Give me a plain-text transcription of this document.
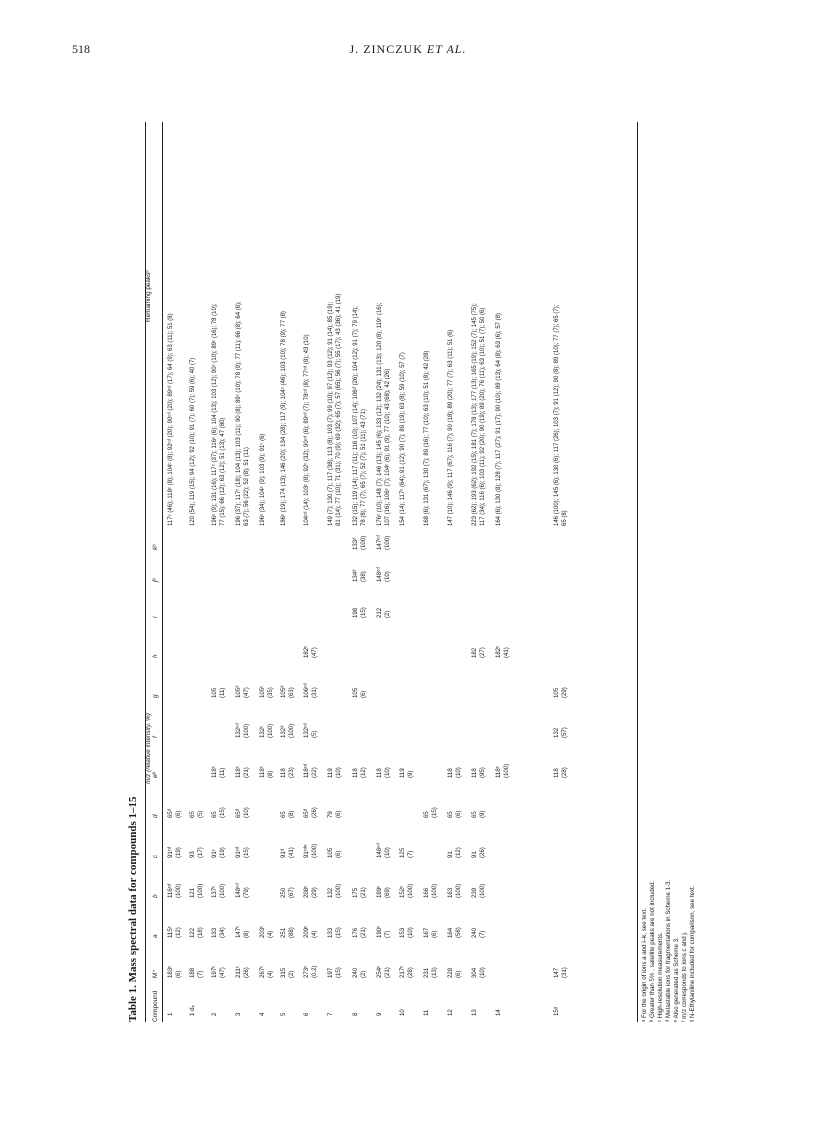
518	J. ZINCZUK ET AL.
Table 1. Mass spectral data for compounds 1–15 Compound
M⁺
m/z (relative intensity, %)
Remaining peaksᵇ
a
b
c
d
eᵇ
f
g
h
i
jᵇ
kᵇ
1
183ᶜ (6)
115ᶜ (12)
116ᶜᵈ (100)
91ᶜᵈ (19)
65ᵈ (6)
117ᶜ (46); 118ᶜ (8); 104ᶜ (8); 92ᶜᵈ (20); 90ᶜᵈ (20); 89ᶜᵈ (17); 64 (9); 63 (11); 51 (8)
1 d₅
188 (7)
122 (18)
121 (100)
93 (17)
65 (5)
120 (54); 119 (15); 94 (12); 92 (10); 91 (7); 60 (7); 59 (6); 40 (7)
2
197ᶜ (47)
133 (34)
137ᶜ (100)
91ᶜ (19)
65 (15)
118ᶜ (11)
105 (11)
196ᶜ (9); 131 (16); 117ᶜ (37); 116ᶜ (6); 104 (13); 103 (12); 90ᶜ (10); 89ᶜ (16); 78 (10); 77 (15); 66 (12); 63 (12); 51 (13); 47 (80)
3
211ᶜ (26)
147ᶜ (8)
148ᶜᵈ (79)
91ᶜᵈ (15)
65ᵈ (10)
118ᶜ (21)
132ᶜᵈ (100)
105ᵈ (47)
196 (37); 117ᶜ (18); 104 (13); 103 (11); 90 (8); 89ᶜ (10); 78 (9); 77 (11); 66 (8); 64 (6); 63 (7); 56 (22); 52 (8); 51 (11)
4
267ᶜ (4)
203ᶜ (4)
118ᶜ (8)
132ᶜ (100)
105ᶜ (35)
196ᶜ (34); 104ᶜ (9); 103 (9); 91ᶜ (6)
5
315 (2)
251 (88)
250 (67)
91ᵈ (41)
65 (8)
118 (23)
132ᵈ (100)
105ᵈ (63)
186ᶜ (19); 174 (13); 146 (20); 134 (28); 117 (9); 104ᶜ (46); 103 (10); 78 (9); 77 (8)
6
273ᶜ (0.2)
209ᶜ (4)
208ᶜ (29)
91ᶜᵈᵉ (100)
65ᵈ (26)
118ᶜᵈ (22)
132ᶜᵈ (5)
106ᶜᵈ (31)
182ᶜ (47)
104ᶜᵈ (14); 103ᶜ (8); 92ᶜ (32); 90ᶜᵈ (6); 89ᶜᵈ (7); 78ᶜᵈ (8); 77ᶜᵈ (8); 43 (10)
7
197 (15)
133 (15)
132 (100)
105 (6)
79 (6)
119 (10)
149 (7); 130 (7); 117 (38); 113 (8); 103 (7); 99 (10); 97 (12); 93 (12); 91 (14); 85 (19); 81 (14); 77 (10); 71 (31); 70 (9); 69 (32); 65 (7); 57 (65); 56 (7); 55 (17); 43 (36); 41 (19)
8
240 (2)
176 (21)
175 (21)
118 (12)
105 (6)
198 (15)
134ᵈ (38)
133ᵈ (100)
132 (15); 119 (14); 117 (11); 116 (10); 107 (14); 106ᵈ (26); 104 (12); 91 (7); 79 (14); 78 (8); 77 (7); 65 (7); 52 (7); 51 (11); 43 (71)
9
254ᶜ (21)
190ᶜ (7)
189ᶜ (69)
148ᶜᵈ (10)
118 (10)
212 (2)
148ᶜᵈ (10)
147ᶜᵈ (100)
176ᶜ (10); 148 (7); 146 (13); 145 (6); 133 (12); 132 (24); 131 (13); 120 (8); 119ᶜ (16); 107 (16); 106ᶜ (7); 104ᶜ (6); 91 (9); 77 (10); 43 (68); 42 (26)
10
217ᶜ (28)
153 (10)
152ᶜ (100)
125 (7)
119 (9)
154 (14); 117ᶜ (64); 91 (12); 90 (7); 89 (19); 63 (8); 59 (10); 57 (7)
11
231 (13)
167 (6)
166 (100)
65 (15)
168 (6); 131 (67); 130 (7); 89 (16); 77 (10); 63 (10); 51 (8); 42 (28)
12
228 (6)
164 (58)
163 (100)
91 (12)
65 (6)
118 (10)
147 (10); 146 (9); 117 (67); 116 (7); 90 (18); 89 (20); 77 (7); 63 (11); 51 (6)
13
304 (10)
240 (7)
239 (100)
91 (26)
65 (9)
118 (95)
182 (27)
223 (62); 193 (62); 192 (15); 181 (7); 178 (13); 177 (13); 165 (19); 152 (7); 145 (75); 117 (34); 116 (6); 103 (11); 92 (20); 90 (19); 89 (20); 76 (11); 63 (10); 51 (7); 50 (6)
14
118ᶜ (100)
182ᶜ (41)
164 (6); 130 (8); 128 (7); 117 (27); 91 (17); 90 (10); 89 (13); 64 (8); 63 (6); 57 (8)
15ᵍ
147 (31)
118 (28)
132 (57)
105 (29)
146 (100); 145 (6); 130 (6); 117 (26); 103 (7); 91 (12); 90 (8); 89 (10); 77 (7); 65 (7); 65 (8)
ᵃ For the origin of ions a and i–k, see text. ᵇ Greater than 5% , satellite peaks are not included. ᶜ High-resolution measurements. ᵈ Metastable ions for fragmentations in Scheme 1-3. ᵉ Also generated as Scheme 3. ᶠ m/z corresponds to ions c and j. ᵍ N-Ethylaniline included for comparison, see text.
